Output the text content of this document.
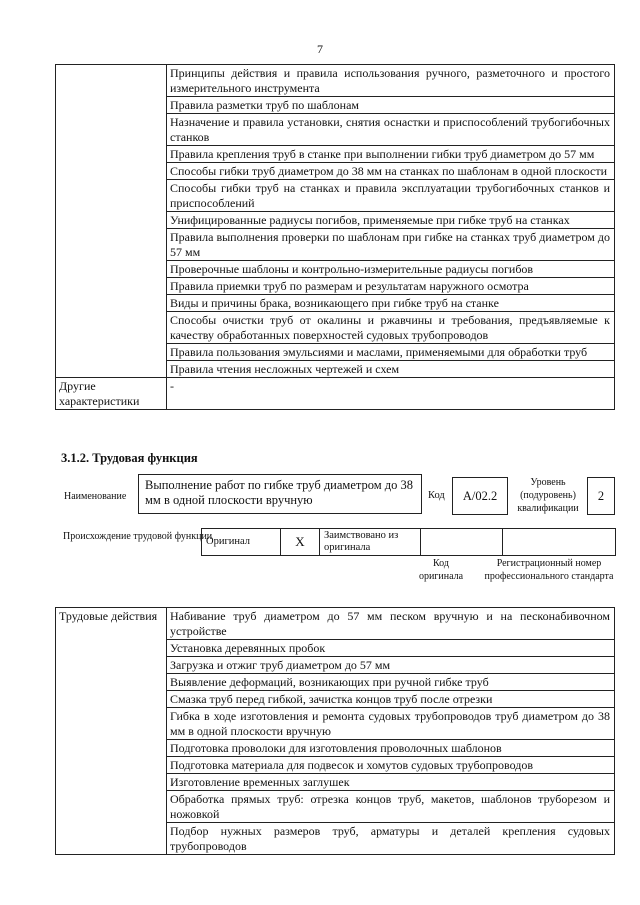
7
	Принципы действия и правила использования ручного, разметочного и простого измерительного инструмента
	Правила разметки труб по шаблонам
	Назначение и правила установки, снятия оснастки и приспособлений трубогибочных станков
	Правила крепления труб в станке при выполнении гибки труб диаметром до 57 мм
	Способы гибки труб диаметром до 38 мм на станках по шаблонам в одной плоскости
	Способы гибки труб на станках и правила эксплуатации трубогибочных станков и приспособлений
	Унифицированные радиусы погибов, применяемые при гибке труб на станках
	Правила выполнения проверки по шаблонам при гибке на станках труб диаметром до 57 мм
	Проверочные шаблоны и контрольно-измерительные радиусы погибов
	Правила приемки труб по размерам и результатам наружного осмотра
	Виды и причины брака, возникающего при гибке труб на станке
	Способы очистки труб от окалины и ржавчины и требования, предъявляемые к качеству обработанных поверхностей судовых трубопроводов
	Правила пользования эмульсиями и маслами, применяемыми для обработки труб
	Правила чтения несложных чертежей и схем
Другие характеристики	-
3.1.2. Трудовая функция
Наименование
Выполнение работ по гибке труб диаметром до 38 мм в одной плоскости вручную	Код	А/02.2
Уровень (подуровень) квалификации
2
Происхождение трудовой функции
Оригинал	X	Заимствовано из оригинала		
Код оригинала
Регистрационный номер профессионального стандарта
Трудовые действия	Набивание труб диаметром до 57 мм песком вручную и на песконабивочном устройстве
Установка деревянных пробок
Загрузка и отжиг труб диаметром до 57 мм
Выявление деформаций, возникающих при ручной гибке труб
Смазка труб перед гибкой, зачистка концов труб после отрезки
Гибка в ходе изготовления и ремонта судовых трубопроводов труб диаметром до 38 мм в одной плоскости вручную
Подготовка проволоки для изготовления проволочных шаблонов
Подготовка материала для подвесок и хомутов судовых трубопроводов
Изготовление временных заглушек
Обработка прямых труб: отрезка концов труб, макетов, шаблонов труборезом и ножовкой
Подбор нужных размеров труб, арматуры и деталей крепления судовых трубопроводов
